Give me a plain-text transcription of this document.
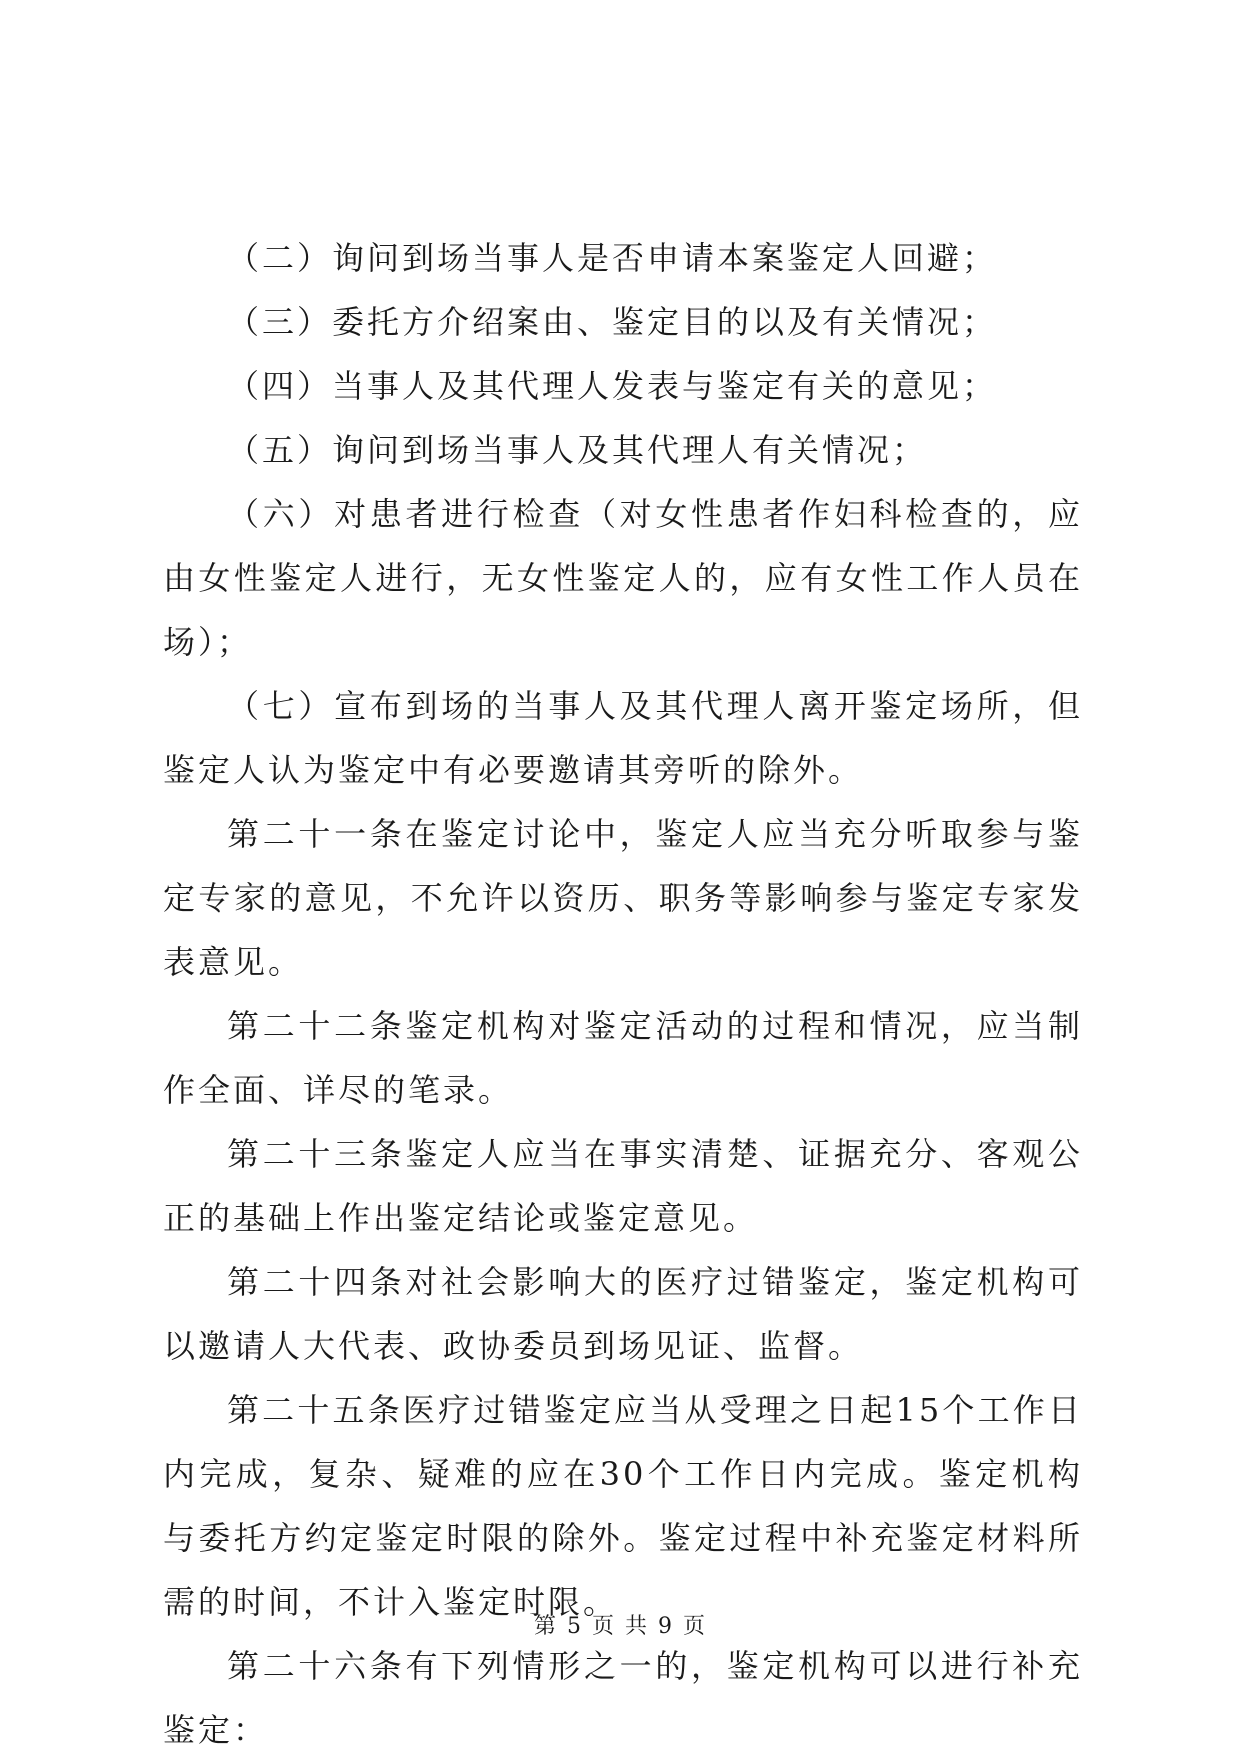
（二）询问到场当事人是否申请本案鉴定人回避；

（三）委托方介绍案由、鉴定目的以及有关情况；

（四）当事人及其代理人发表与鉴定有关的意见；

（五）询问到场当事人及其代理人有关情况；

（六）对患者进行检查（对女性患者作妇科检查的，应由女性鉴定人进行，无女性鉴定人的，应有女性工作人员在场）；

（七）宣布到场的当事人及其代理人离开鉴定场所，但鉴定人认为鉴定中有必要邀请其旁听的除外。

第二十一条在鉴定讨论中，鉴定人应当充分听取参与鉴定专家的意见，不允许以资历、职务等影响参与鉴定专家发表意见。

第二十二条鉴定机构对鉴定活动的过程和情况，应当制作全面、详尽的笔录。

第二十三条鉴定人应当在事实清楚、证据充分、客观公正的基础上作出鉴定结论或鉴定意见。

第二十四条对社会影响大的医疗过错鉴定，鉴定机构可以邀请人大代表、政协委员到场见证、监督。

第二十五条医疗过错鉴定应当从受理之日起15个工作日内完成，复杂、疑难的应在30个工作日内完成。鉴定机构与委托方约定鉴定时限的除外。鉴定过程中补充鉴定材料所需的时间，不计入鉴定时限。

第二十六条有下列情形之一的，鉴定机构可以进行补充鉴定：

第 5 页 共 9 页
